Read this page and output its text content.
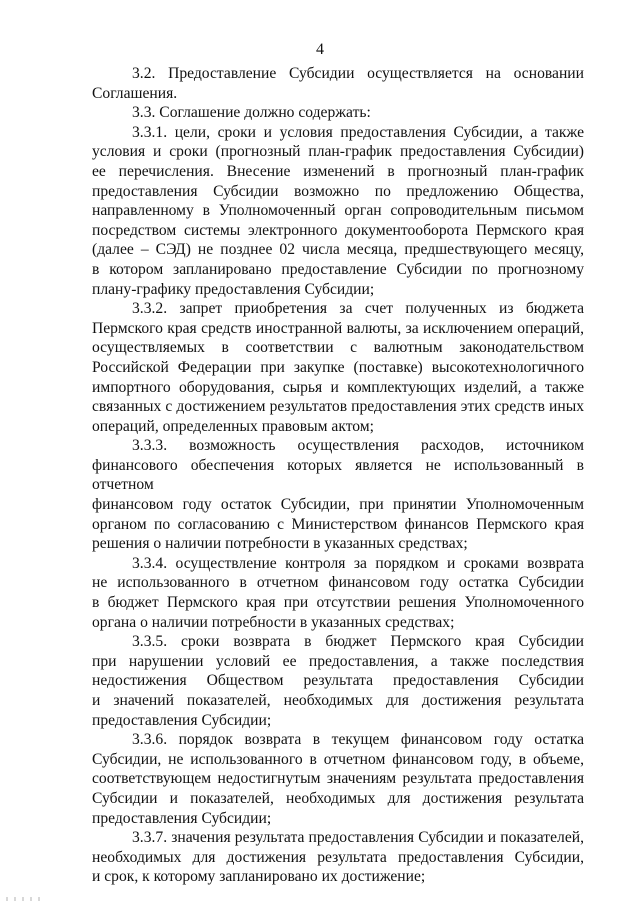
4
3.2. Предоставление Субсидии осуществляется на основании
Соглашения.
3.3. Соглашение должно содержать:
3.3.1. цели, сроки и условия предоставления Субсидии, а также
условия и сроки (прогнозный план-график предоставления Субсидии)
ее перечисления. Внесение изменений в прогнозный план-график
предоставления Субсидии возможно по предложению Общества,
направленному в Уполномоченный орган сопроводительным письмом
посредством системы электронного документооборота Пермского края
(далее – СЭД) не позднее 02 числа месяца, предшествующего месяцу,
в котором запланировано предоставление Субсидии по прогнозному
плану-графику предоставления Субсидии;
3.3.2. запрет приобретения за счет полученных из бюджета
Пермского края средств иностранной валюты, за исключением операций,
осуществляемых в соответствии с валютным законодательством
Российской Федерации при закупке (поставке) высокотехнологичного
импортного оборудования, сырья и комплектующих изделий, а также
связанных с достижением результатов предоставления этих средств иных
операций, определенных правовым актом;
3.3.3. возможность осуществления расходов, источником
финансового обеспечения которых является не использованный в отчетном
финансовом году остаток Субсидии, при принятии Уполномоченным
органом по согласованию с Министерством финансов Пермского края
решения о наличии потребности в указанных средствах;
3.3.4. осуществление контроля за порядком и сроками возврата
не использованного в отчетном финансовом году остатка Субсидии
в бюджет Пермского края при отсутствии решения Уполномоченного
органа о наличии потребности в указанных средствах;
3.3.5. сроки возврата в бюджет Пермского края Субсидии
при нарушении условий ее предоставления, а также последствия
недостижения Обществом результата предоставления Субсидии
и значений показателей, необходимых для достижения результата
предоставления Субсидии;
3.3.6. порядок возврата в текущем финансовом году остатка
Субсидии, не использованного в отчетном финансовом году, в объеме,
соответствующем недостигнутым значениям результата предоставления
Субсидии и показателей, необходимых для достижения результата
предоставления Субсидии;
3.3.7. значения результата предоставления Субсидии и показателей,
необходимых для достижения результата предоставления Субсидии,
и срок, к которому запланировано их достижение;
